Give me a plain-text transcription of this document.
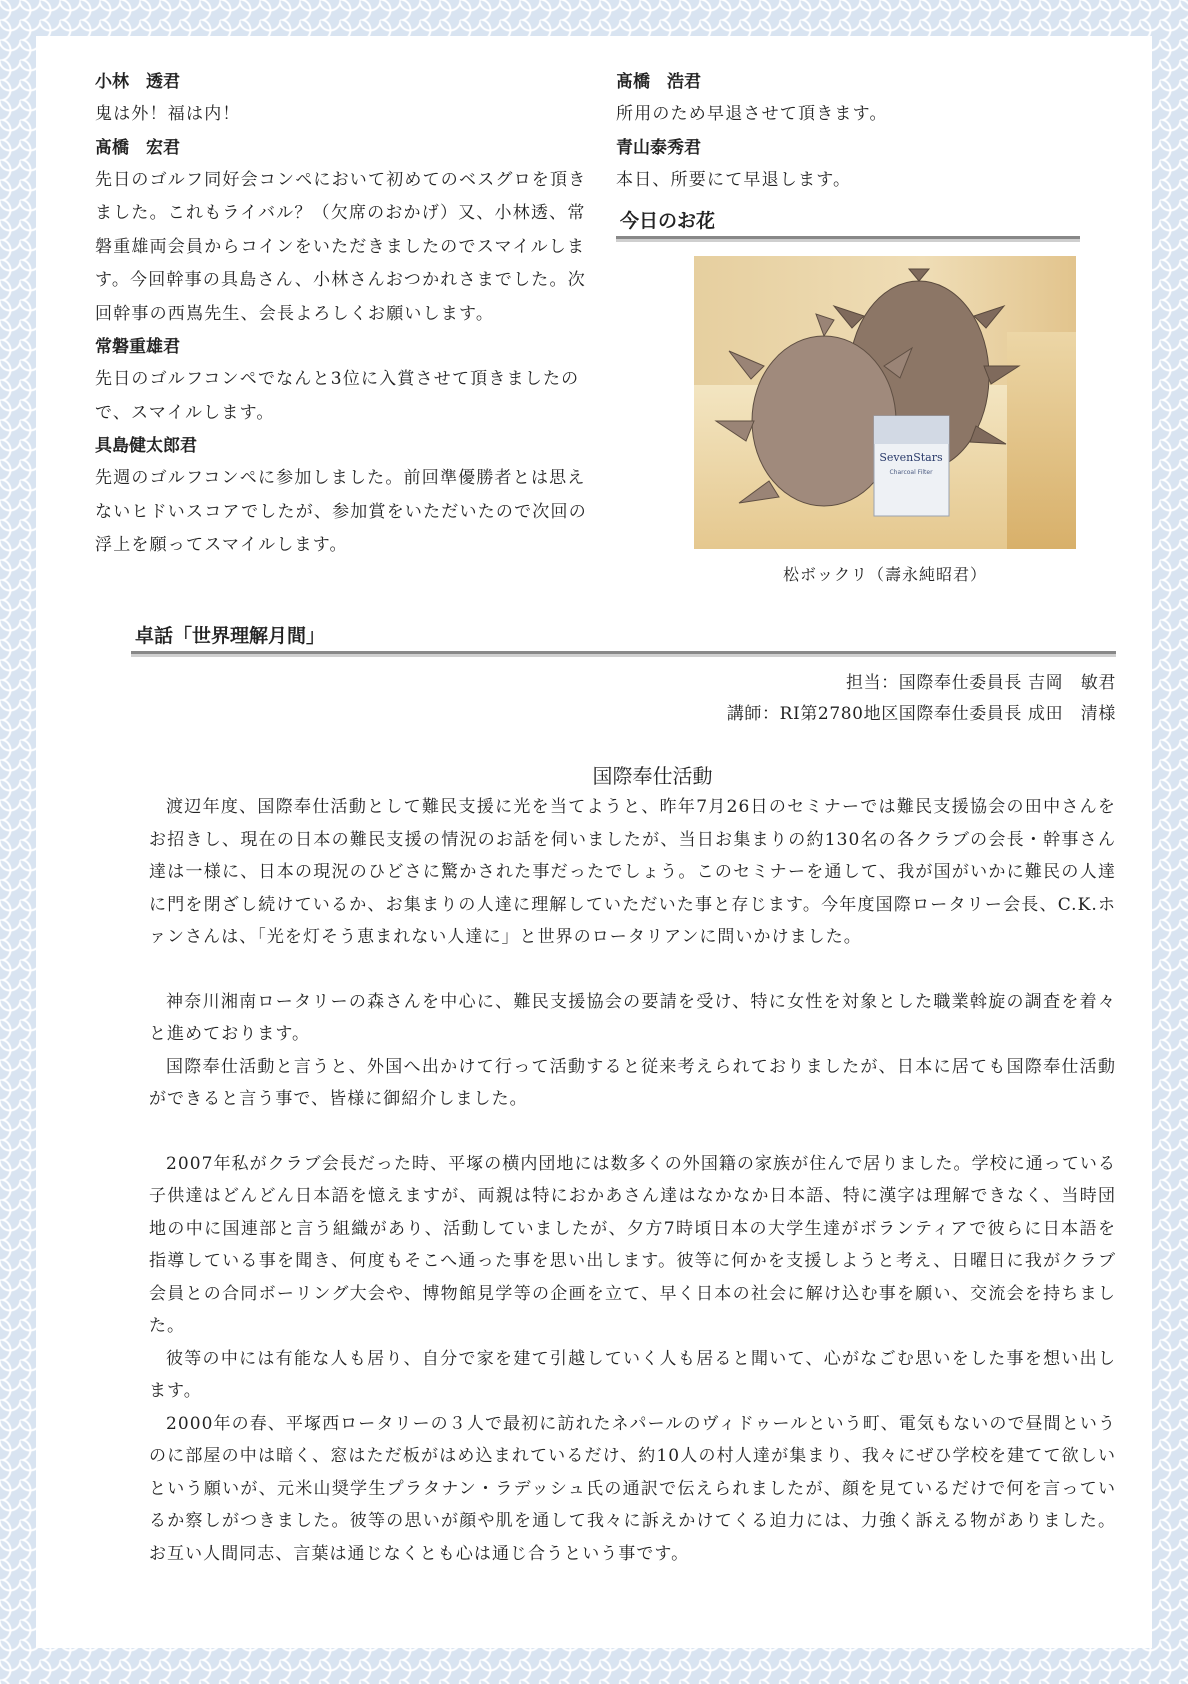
小林　透君

鬼は外！福は内！

髙橋　宏君

先日のゴルフ同好会コンペにおいて初めてのベスグロを頂きました。これもライバル？（欠席のおかげ）又、小林透、常磐重雄両会員からコインをいただきましたのでスマイルします。今回幹事の具島さん、小林さんおつかれさまでした。次回幹事の西嶌先生、会長よろしくお願いします。

常磐重雄君

先日のゴルフコンペでなんと3位に入賞させて頂きましたので、スマイルします。

具島健太郎君

先週のゴルフコンペに参加しました。前回準優勝者とは思えないヒドいスコアでしたが、参加賞をいただいたので次回の浮上を願ってスマイルします。

髙橋　浩君

所用のため早退させて頂きます。

青山泰秀君

本日、所要にて早退します。

今日のお花
SevenStars
Charcoal Filter
松ボックリ（壽永純昭君）
卓話「世界理解月間」
担当：国際奉仕委員長 吉岡　敏君
講師：RI第2780地区国際奉仕委員長 成田　清様
国際奉仕活動

渡辺年度、国際奉仕活動として難民支援に光を当てようと、昨年7月26日のセミナーでは難民支援協会の田中さんをお招きし、現在の日本の難民支援の情況のお話を伺いましたが、当日お集まりの約130名の各クラブの会長・幹事さん達は一様に、日本の現況のひどさに驚かされた事だったでしょう。このセミナーを通して、我が国がいかに難民の人達に門を閉ざし続けているか、お集まりの人達に理解していただいた事と存じます。今年度国際ロータリー会長、C.K.ホァンさんは、「光を灯そう恵まれない人達に」と世界のロータリアンに問いかけました。

神奈川湘南ロータリーの森さんを中心に、難民支援協会の要請を受け、特に女性を対象とした職業斡旋の調査を着々と進めております。

国際奉仕活動と言うと、外国へ出かけて行って活動すると従来考えられておりましたが、日本に居ても国際奉仕活動ができると言う事で、皆様に御紹介しました。

2007年私がクラブ会長だった時、平塚の横内団地には数多くの外国籍の家族が住んで居りました。学校に通っている子供達はどんどん日本語を憶えますが、両親は特におかあさん達はなかなか日本語、特に漢字は理解できなく、当時団地の中に国連部と言う組織があり、活動していましたが、夕方7時頃日本の大学生達がボランティアで彼らに日本語を指導している事を聞き、何度もそこへ通った事を思い出します。彼等に何かを支援しようと考え、日曜日に我がクラブ会員との合同ボーリング大会や、博物館見学等の企画を立て、早く日本の社会に解け込む事を願い、交流会を持ちました。

彼等の中には有能な人も居り、自分で家を建て引越していく人も居ると聞いて、心がなごむ思いをした事を想い出します。

2000年の春、平塚西ロータリーの３人で最初に訪れたネパールのヴィドゥールという町、電気もないので昼間というのに部屋の中は暗く、窓はただ板がはめ込まれているだけ、約10人の村人達が集まり、我々にぜひ学校を建てて欲しいという願いが、元米山奨学生プラタナン・ラデッシュ氏の通訳で伝えられましたが、顔を見ているだけで何を言っているか察しがつきました。彼等の思いが顔や肌を通して我々に訴えかけてくる迫力には、力強く訴える物がありました。お互い人間同志、言葉は通じなくとも心は通じ合うという事です。
